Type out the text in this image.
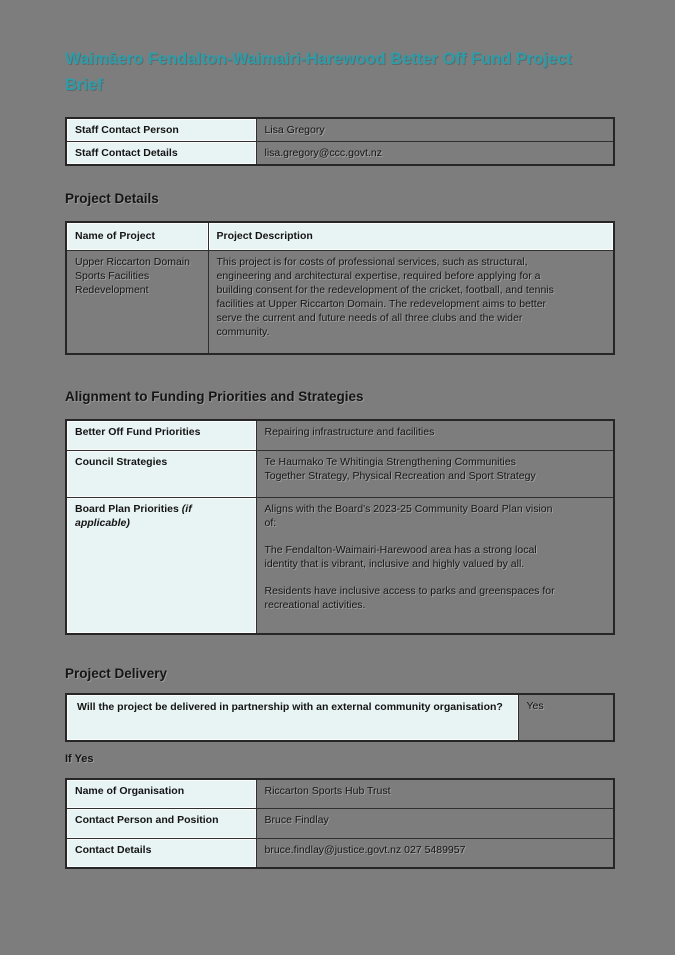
Waimāero Fendalton-Waimairi-Harewood Better Off Fund Project Brief
Staff Contact Person	Lisa Gregory
Staff Contact Details	lisa.gregory@ccc.govt.nz
Project Details
Name of Project	Project Description
Upper Riccarton Domain Sports Facilities Redevelopment	This project is for costs of professional services, such as structural, engineering and architectural expertise, required before applying for a building consent for the redevelopment of the cricket, football, and tennis facilities at Upper Riccarton Domain. The redevelopment aims to better serve the current and future needs of all three clubs and the wider community.
Alignment to Funding Priorities and Strategies
Better Off Fund Priorities	Repairing infrastructure and facilities
Council Strategies	Te Haumako Te Whitingia Strengthening Communities Together Strategy, Physical Recreation and Sport Strategy
Board Plan Priorities (if applicable)	Aligns with the Board's 2023-25 Community Board Plan vision of:
The Fendalton-Waimairi-Harewood area has a strong local identity that is vibrant, inclusive and highly valued by all.
Residents have inclusive access to parks and greenspaces for recreational activities.
Project Delivery
Will the project be delivered in partnership with an external community organisation?	Yes
If Yes
Name of Organisation	Riccarton Sports Hub Trust
Contact Person and Position	Bruce Findlay
Contact Details	bruce.findlay@justice.govt.nz 027 5489957
